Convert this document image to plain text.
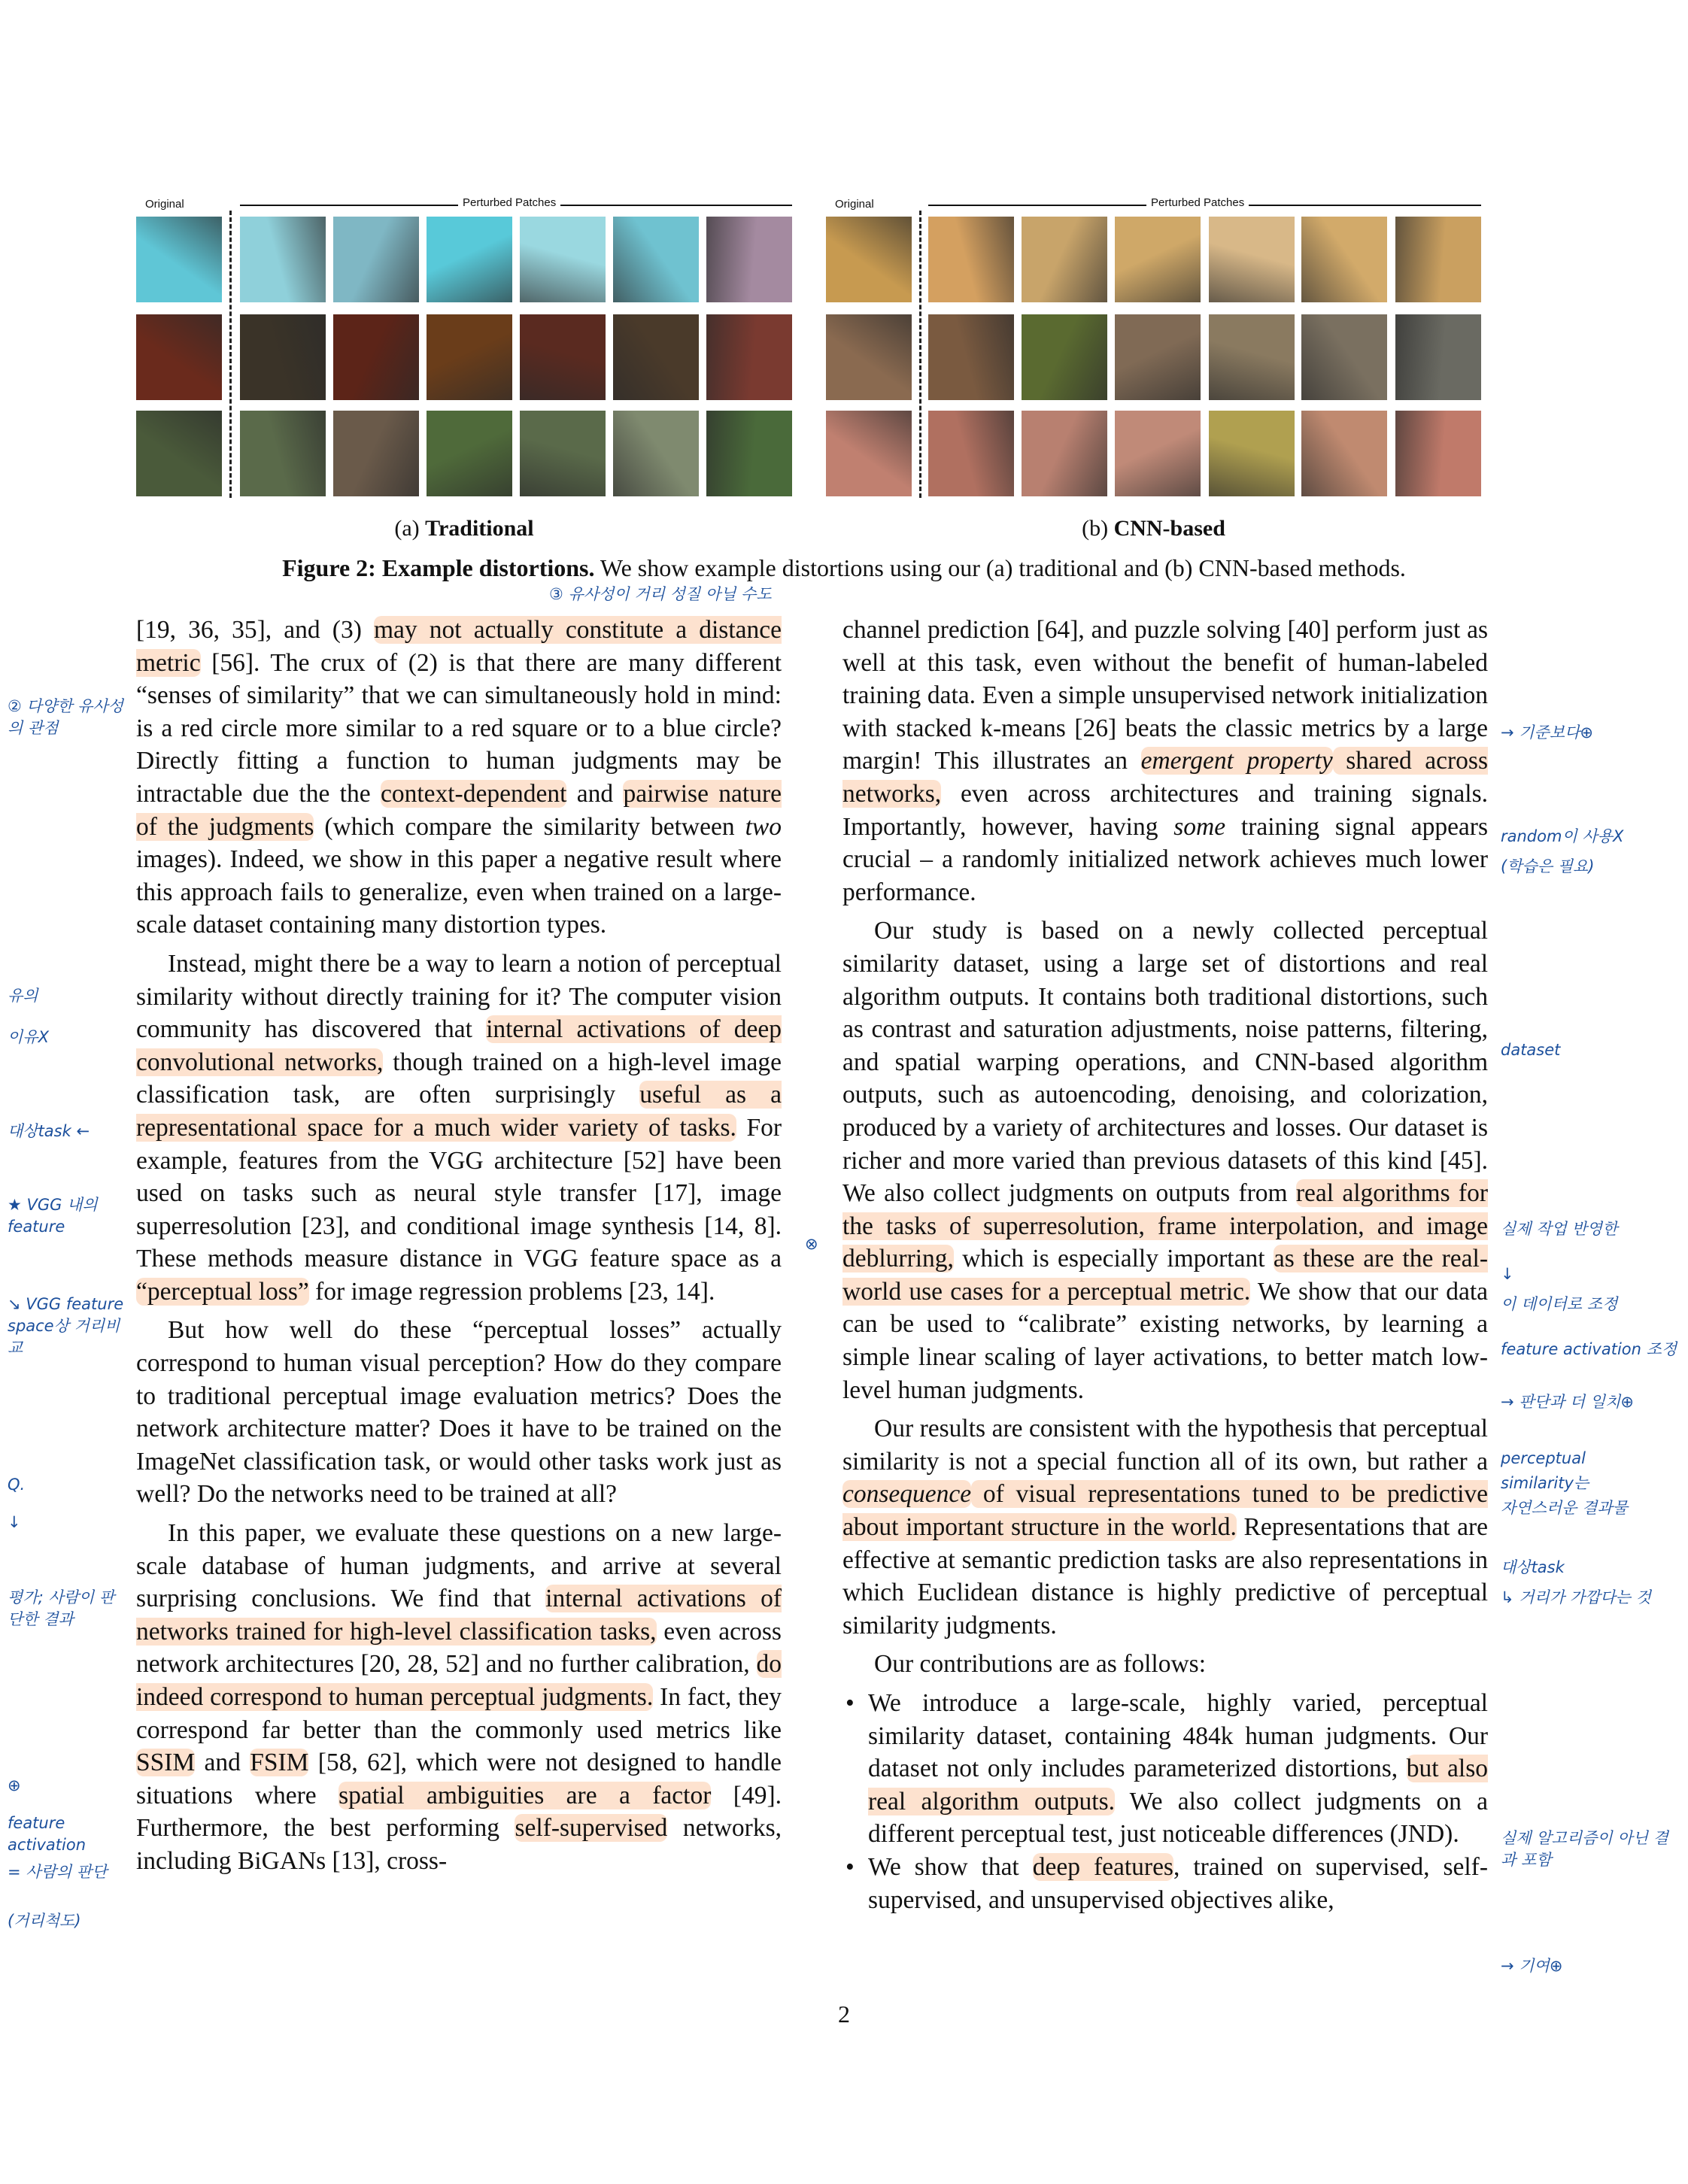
Original	Perturbed Patches
(a) Traditional
Original	Perturbed Patches
(b) CNN-based
Figure 2: Example distortions. We show example distortions using our (a) traditional and (b) CNN-based methods.

[19, 36, 35], and (3) may not actually constitute a distance metric [56]. The crux of (2) is that there are many different “senses of similarity” that we can simultaneously hold in mind: is a red circle more similar to a red square or to a blue circle? Directly fitting a function to human judgments may be intractable due the the context-dependent and pairwise nature of the judgments (which compare the similarity between two images). Indeed, we show in this paper a negative result where this approach fails to generalize, even when trained on a large-scale dataset containing many distortion types.

Instead, might there be a way to learn a notion of perceptual similarity without directly training for it? The computer vision community has discovered that internal activations of deep convolutional networks, though trained on a high-level image classification task, are often surprisingly useful as a representational space for a much wider variety of tasks. For example, features from the VGG architecture [52] have been used on tasks such as neural style transfer [17], image superresolution [23], and conditional image synthesis [14, 8]. These methods measure distance in VGG feature space as a “perceptual loss” for image regression problems [23, 14].

But how well do these “perceptual losses” actually correspond to human visual perception? How do they compare to traditional perceptual image evaluation metrics? Does the network architecture matter? Does it have to be trained on the ImageNet classification task, or would other tasks work just as well? Do the networks need to be trained at all?

In this paper, we evaluate these questions on a new large-scale database of human judgments, and arrive at several surprising conclusions. We find that internal activations of networks trained for high-level classification tasks, even across network architectures [20, 28, 52] and no further calibration, do indeed correspond to human perceptual judgments. In fact, they correspond far better than the commonly used metrics like SSIM and FSIM [58, 62], which were not designed to handle situations where spatial ambiguities are a factor [49]. Furthermore, the best performing self-supervised networks, including BiGANs [13], cross-

channel prediction [64], and puzzle solving [40] perform just as well at this task, even without the benefit of human-labeled training data. Even a simple unsupervised network initialization with stacked k-means [26] beats the classic metrics by a large margin! This illustrates an emergent property shared across networks, even across architectures and training signals. Importantly, however, having some training signal appears crucial – a randomly initialized network achieves much lower performance.

Our study is based on a newly collected perceptual similarity dataset, using a large set of distortions and real algorithm outputs. It contains both traditional distortions, such as contrast and saturation adjustments, noise patterns, filtering, and spatial warping operations, and CNN-based algorithm outputs, such as autoencoding, denoising, and colorization, produced by a variety of architectures and losses. Our dataset is richer and more varied than previous datasets of this kind [45]. We also collect judgments on outputs from real algorithms for the tasks of superresolution, frame interpolation, and image deblurring, which is especially important as these are the real-world use cases for a perceptual metric. We show that our data can be used to “calibrate” existing networks, by learning a simple linear scaling of layer activations, to better match low-level human judgments.

Our results are consistent with the hypothesis that perceptual similarity is not a special function all of its own, but rather a consequence of visual representations tuned to be predictive about important structure in the world. Representations that are effective at semantic prediction tasks are also representations in which Euclidean distance is highly predictive of perceptual similarity judgments.

Our contributions are as follows:

• We introduce a large-scale, highly varied, perceptual similarity dataset, containing 484k human judgments. Our dataset not only includes parameterized distortions, but also real algorithm outputs. We also collect judgments on a different perceptual test, just noticeable differences (JND).
• We show that deep features, trained on supervised, self-supervised, and unsupervised objectives alike,
2
③ 유사성이 거리 성질 아닐 수도
② 다양한 유사성의 관점
유의
이유X
대상task ←
★ VGG 내의 feature
↘ VGG feature space상 거리비교
Q.
↓
평가; 사람이 판단한 결과
⊕
feature activation
= 사람의 판단
(거리척도)
→ 기준보다⊕
random이 사용X
(학습은 필요)
dataset
실제 작업 반영한
↓
이 데이터로 조정
feature activation 조정
→ 판단과 더 일치⊕
perceptual
similarity는
자연스러운 결과물
대상task
↳ 거리가 가깝다는 것
실제 알고리즘이 아닌 결과 포함
→ 기여⊕
⊗
